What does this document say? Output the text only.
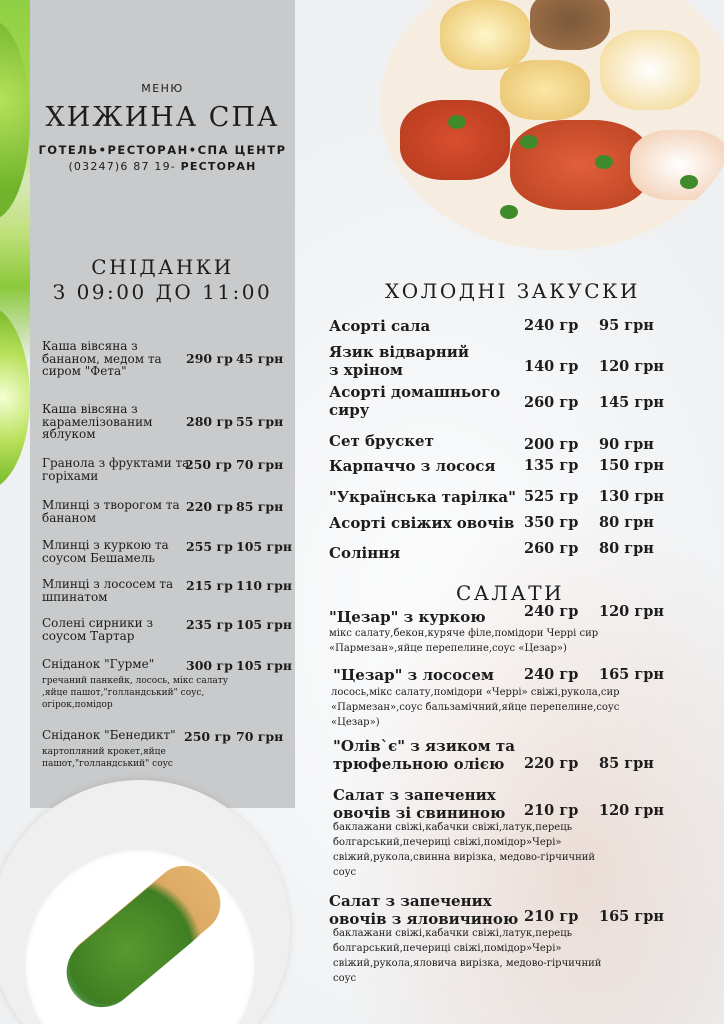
МЕНЮ
ХИЖИНА СПА
ГОТЕЛЬ•РЕСТОРАН•СПА ЦЕНТР
(03247)6 87 19- РЕСТОРАН
СНІДАНКИ
З 09:00 ДО 11:00
Каша вівсяна з бананом, медом та сиром "Фета"
290 гр 45 грн
Каша вівсяна з карамелізованим яблуком
280 гр 55 грн
Гранола з фруктами та горіхами
250 гр 70 грн
Млинці з творогом та бананом
220 гр 85 грн
Млинці з куркою та соусом Бешамель
255 гр 105 грн
Млинці з лососем та шпинатом
215 гр 110 грн
Солені сирники з соусом Тартар
235 гр 105 грн
Сніданок "Гурме"	300 гр 105 грн
гречаний панкейк, лосось, мікс салату ,яйце пашот,"голландський" соус, огірок,помідор
Сніданок "Бенедикт" 250 гр 70 грн
картопляний крокет,яйце пашот,"голландський" соус
ХОЛОДНІ ЗАКУСКИ
Асорті сала	240 гр	95 грн
Язик відварний з хріном	140 гр	120 грн
Асорті домашнього сиру	260 гр	145 грн
Сет брускет	200 гр	90 грн
Карпаччо з лосося	135 гр	150 грн
"Українська тарілка" 525 гр	130 грн
Асорті свіжих овочів 350 гр	80 грн
Соління	260 гр	80 грн
САЛАТИ
"Цезар" з куркою	240 гр	120 грн
мікс салату,бекон,куряче філе,помідори Черрі сир «Пармезан»,яйце перепелине,соус «Цезар»)
"Цезар" з лососем	240 гр	165 грн
лосось,мікс салату,помідори «Черрі» свіжі,рукола,сир «Пармезан»,соус бальзамічний,яйце перепелине,соус «Цезар»)
"Олів`є" з язиком та трюфельною олією	220 гр	85 грн
Салат з запечених овочів зі свининою	210 гр	120 грн
баклажани свіжі,кабачки свіжі,латук,перець болгарський,печериці свіжі,помідор»Чері» свіжий,рукола,свинна вирізка, медово-гірчичний соус
Салат з запечених овочів з яловичиною 210 гр	165 грн
баклажани свіжі,кабачки свіжі,латук,перець болгарський,печериці свіжі,помідор»Чері» свіжий,рукола,яловича вирізка, медово-гірчичний соус
